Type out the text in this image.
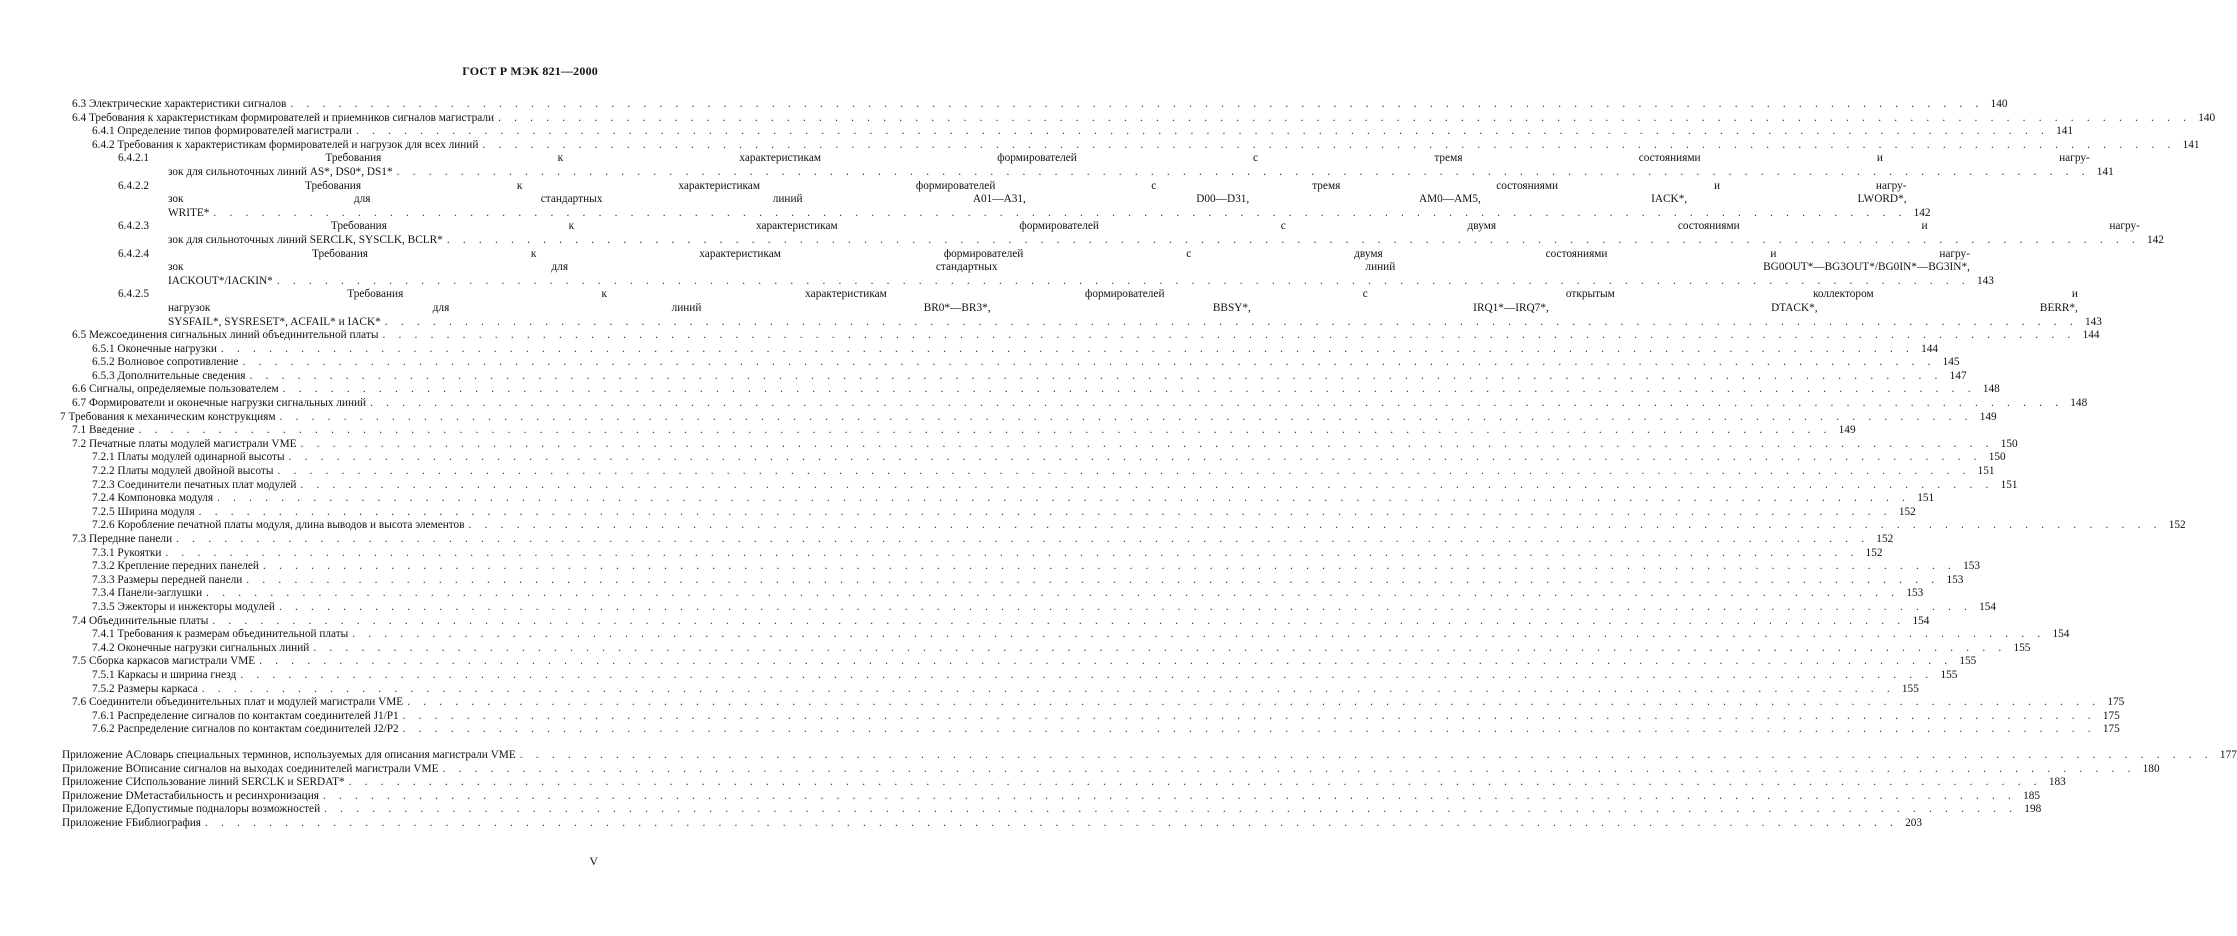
ГОСТ Р МЭК 821—2000
6.3 Электрические характеристики сигналов . . . . . . . . . . . . . . . . . . . . . . . . . . . . . . . . . . . . . . . . . . . . . . . . . . . . . . . . . . . . . . . . . . . . . . . . . . . . . . . . . . . . . . . . . . . . . . . . . . . . . . . . . . 140
6.4 Требования к характеристикам формирователей и приемников сигналов магистрали . . . . . . . . . . . . . . . . . . . . . . . . . . . . . . . . . . . . . . . . . . . . . . . . . . . . . . . . . . . . . . . . . . . . . . . . . . . . . . . . . . . . . . . . . . . . . . . . . . . . . . . . . . 140
6.4.1 Определение типов формирователей магистрали . . . . . . . . . . . . . . . . . . . . . . . . . . . . . . . . . . . . . . . . . . . . . . . . . . . . . . . . . . . . . . . . . . . . . . . . . . . . . . . . . . . . . . . . . . . . . . . . . . . . . . . . . . 141
6.4.2 Требования к характеристикам формирователей и нагрузок для всех линий . . . . . . . . . . . . . . . . . . . . . . . . . . . . . . . . . . . . . . . . . . . . . . . . . . . . . . . . . . . . . . . . . . . . . . . . . . . . . . . . . . . . . . . . . . . . . . . . . . . . . . . . . . 141
6.4.2.1	Требования к характеристикам формирователей с тремя состояниями и нагру-
зок для сильноточных линий AS*, DS0*, DS1* . . . . . . . . . . . . . . . . . . . . . . . . . . . . . . . . . . . . . . . . . . . . . . . . . . . . . . . . . . . . . . . . . . . . . . . . . . . . . . . . . . . . . . . . . . . . . . . . . . . . . . . . . . 141
6.4.2.2	Требования к характеристикам формирователей с тремя состояниями и нагру-
зок для стандартных линий A01—A31, D00—D31, AM0—AM5, IACK*, LWORD*,
WRITE* . . . . . . . . . . . . . . . . . . . . . . . . . . . . . . . . . . . . . . . . . . . . . . . . . . . . . . . . . . . . . . . . . . . . . . . . . . . . . . . . . . . . . . . . . . . . . . . . . . . . . . . . . . 142
6.4.2.3	Требования к характеристикам формирователей с двумя состояниями и нагру-
зок для сильноточных линий SERCLK, SYSCLK, BCLR* . . . . . . . . . . . . . . . . . . . . . . . . . . . . . . . . . . . . . . . . . . . . . . . . . . . . . . . . . . . . . . . . . . . . . . . . . . . . . . . . . . . . . . . . . . . . . . . . . . . . . . . . . . 142
6.4.2.4	Требования к характеристикам формирователей с двумя состояниями и нагру-
зок для стандартных линий BG0OUT*—BG3OUT*/BG0IN*—BG3IN*,
IACKOUT*/IACKIN* . . . . . . . . . . . . . . . . . . . . . . . . . . . . . . . . . . . . . . . . . . . . . . . . . . . . . . . . . . . . . . . . . . . . . . . . . . . . . . . . . . . . . . . . . . . . . . . . . . . . . . . . . . 143
6.4.2.5	Требования к характеристикам формирователей с открытым коллектором и
нагрузок для линий BR0*—BR3*, BBSY*, IRQ1*—IRQ7*, DTACK*, BERR*,
SYSFAIL*, SYSRESET*, ACFAIL* и IACK* . . . . . . . . . . . . . . . . . . . . . . . . . . . . . . . . . . . . . . . . . . . . . . . . . . . . . . . . . . . . . . . . . . . . . . . . . . . . . . . . . . . . . . . . . . . . . . . . . . . . . . . . . . 143
6.5 Межсоединения сигнальных линий объединительной платы . . . . . . . . . . . . . . . . . . . . . . . . . . . . . . . . . . . . . . . . . . . . . . . . . . . . . . . . . . . . . . . . . . . . . . . . . . . . . . . . . . . . . . . . . . . . . . . . . . . . . . . . . . 144
6.5.1 Оконечные нагрузки . . . . . . . . . . . . . . . . . . . . . . . . . . . . . . . . . . . . . . . . . . . . . . . . . . . . . . . . . . . . . . . . . . . . . . . . . . . . . . . . . . . . . . . . . . . . . . . . . . . . . . . . . . 144
6.5.2 Волновое сопротивление . . . . . . . . . . . . . . . . . . . . . . . . . . . . . . . . . . . . . . . . . . . . . . . . . . . . . . . . . . . . . . . . . . . . . . . . . . . . . . . . . . . . . . . . . . . . . . . . . . . . . . . . . . 145
6.5.3 Дополнительные сведения . . . . . . . . . . . . . . . . . . . . . . . . . . . . . . . . . . . . . . . . . . . . . . . . . . . . . . . . . . . . . . . . . . . . . . . . . . . . . . . . . . . . . . . . . . . . . . . . . . . . . . . . . . 147
6.6 Сигналы, определяемые пользователем . . . . . . . . . . . . . . . . . . . . . . . . . . . . . . . . . . . . . . . . . . . . . . . . . . . . . . . . . . . . . . . . . . . . . . . . . . . . . . . . . . . . . . . . . . . . . . . . . . . . . . . . . . 148
6.7 Формирователи и оконечные нагрузки сигнальных линий . . . . . . . . . . . . . . . . . . . . . . . . . . . . . . . . . . . . . . . . . . . . . . . . . . . . . . . . . . . . . . . . . . . . . . . . . . . . . . . . . . . . . . . . . . . . . . . . . . . . . . . . . . 148
7 Требования к механическим конструкциям . . . . . . . . . . . . . . . . . . . . . . . . . . . . . . . . . . . . . . . . . . . . . . . . . . . . . . . . . . . . . . . . . . . . . . . . . . . . . . . . . . . . . . . . . . . . . . . . . . . . . . . . . . 149
7.1 Введение . . . . . . . . . . . . . . . . . . . . . . . . . . . . . . . . . . . . . . . . . . . . . . . . . . . . . . . . . . . . . . . . . . . . . . . . . . . . . . . . . . . . . . . . . . . . . . . . . . . . . . . . . . 149
7.2 Печатные платы модулей магистрали VME . . . . . . . . . . . . . . . . . . . . . . . . . . . . . . . . . . . . . . . . . . . . . . . . . . . . . . . . . . . . . . . . . . . . . . . . . . . . . . . . . . . . . . . . . . . . . . . . . . . . . . . . . . 150
7.2.1 Платы модулей одинарной высоты . . . . . . . . . . . . . . . . . . . . . . . . . . . . . . . . . . . . . . . . . . . . . . . . . . . . . . . . . . . . . . . . . . . . . . . . . . . . . . . . . . . . . . . . . . . . . . . . . . . . . . . . . . 150
7.2.2 Платы модулей двойной высоты . . . . . . . . . . . . . . . . . . . . . . . . . . . . . . . . . . . . . . . . . . . . . . . . . . . . . . . . . . . . . . . . . . . . . . . . . . . . . . . . . . . . . . . . . . . . . . . . . . . . . . . . . . 151
7.2.3 Соединители печатных плат модулей . . . . . . . . . . . . . . . . . . . . . . . . . . . . . . . . . . . . . . . . . . . . . . . . . . . . . . . . . . . . . . . . . . . . . . . . . . . . . . . . . . . . . . . . . . . . . . . . . . . . . . . . . . 151
7.2.4 Компоновка модуля . . . . . . . . . . . . . . . . . . . . . . . . . . . . . . . . . . . . . . . . . . . . . . . . . . . . . . . . . . . . . . . . . . . . . . . . . . . . . . . . . . . . . . . . . . . . . . . . . . . . . . . . . . 151
7.2.5 Ширина модуля . . . . . . . . . . . . . . . . . . . . . . . . . . . . . . . . . . . . . . . . . . . . . . . . . . . . . . . . . . . . . . . . . . . . . . . . . . . . . . . . . . . . . . . . . . . . . . . . . . . . . . . . . . 152
7.2.6 Коробление печатной платы модуля, длина выводов и высота элементов . . . . . . . . . . . . . . . . . . . . . . . . . . . . . . . . . . . . . . . . . . . . . . . . . . . . . . . . . . . . . . . . . . . . . . . . . . . . . . . . . . . . . . . . . . . . . . . . . . . . . . . . . . 152
7.3 Передние панели . . . . . . . . . . . . . . . . . . . . . . . . . . . . . . . . . . . . . . . . . . . . . . . . . . . . . . . . . . . . . . . . . . . . . . . . . . . . . . . . . . . . . . . . . . . . . . . . . . . . . . . . . . 152
7.3.1 Рукоятки . . . . . . . . . . . . . . . . . . . . . . . . . . . . . . . . . . . . . . . . . . . . . . . . . . . . . . . . . . . . . . . . . . . . . . . . . . . . . . . . . . . . . . . . . . . . . . . . . . . . . . . . . . 152
7.3.2 Крепление передних панелей . . . . . . . . . . . . . . . . . . . . . . . . . . . . . . . . . . . . . . . . . . . . . . . . . . . . . . . . . . . . . . . . . . . . . . . . . . . . . . . . . . . . . . . . . . . . . . . . . . . . . . . . . . 153
7.3.3 Размеры передней панели . . . . . . . . . . . . . . . . . . . . . . . . . . . . . . . . . . . . . . . . . . . . . . . . . . . . . . . . . . . . . . . . . . . . . . . . . . . . . . . . . . . . . . . . . . . . . . . . . . . . . . . . . . 153
7.3.4 Панели-заглушки . . . . . . . . . . . . . . . . . . . . . . . . . . . . . . . . . . . . . . . . . . . . . . . . . . . . . . . . . . . . . . . . . . . . . . . . . . . . . . . . . . . . . . . . . . . . . . . . . . . . . . . . . . 153
7.3.5 Эжекторы и инжекторы модулей . . . . . . . . . . . . . . . . . . . . . . . . . . . . . . . . . . . . . . . . . . . . . . . . . . . . . . . . . . . . . . . . . . . . . . . . . . . . . . . . . . . . . . . . . . . . . . . . . . . . . . . . . . 154
7.4 Объединительные платы . . . . . . . . . . . . . . . . . . . . . . . . . . . . . . . . . . . . . . . . . . . . . . . . . . . . . . . . . . . . . . . . . . . . . . . . . . . . . . . . . . . . . . . . . . . . . . . . . . . . . . . . . . 154
7.4.1 Требования к размерам объединительной платы . . . . . . . . . . . . . . . . . . . . . . . . . . . . . . . . . . . . . . . . . . . . . . . . . . . . . . . . . . . . . . . . . . . . . . . . . . . . . . . . . . . . . . . . . . . . . . . . . . . . . . . . . . 154
7.4.2 Оконечные нагрузки сигнальных линий . . . . . . . . . . . . . . . . . . . . . . . . . . . . . . . . . . . . . . . . . . . . . . . . . . . . . . . . . . . . . . . . . . . . . . . . . . . . . . . . . . . . . . . . . . . . . . . . . . . . . . . . . . 155
7.5 Сборка каркасов магистрали VME . . . . . . . . . . . . . . . . . . . . . . . . . . . . . . . . . . . . . . . . . . . . . . . . . . . . . . . . . . . . . . . . . . . . . . . . . . . . . . . . . . . . . . . . . . . . . . . . . . . . . . . . . . 155
7.5.1 Каркасы и ширина гнезд . . . . . . . . . . . . . . . . . . . . . . . . . . . . . . . . . . . . . . . . . . . . . . . . . . . . . . . . . . . . . . . . . . . . . . . . . . . . . . . . . . . . . . . . . . . . . . . . . . . . . . . . . . 155
7.5.2 Размеры каркаса . . . . . . . . . . . . . . . . . . . . . . . . . . . . . . . . . . . . . . . . . . . . . . . . . . . . . . . . . . . . . . . . . . . . . . . . . . . . . . . . . . . . . . . . . . . . . . . . . . . . . . . . . . 155
7.6 Соединители объединительных плат и модулей магистрали VME . . . . . . . . . . . . . . . . . . . . . . . . . . . . . . . . . . . . . . . . . . . . . . . . . . . . . . . . . . . . . . . . . . . . . . . . . . . . . . . . . . . . . . . . . . . . . . . . . . . . . . . . . . 175
7.6.1 Распределение сигналов по контактам соединителей J1/P1 . . . . . . . . . . . . . . . . . . . . . . . . . . . . . . . . . . . . . . . . . . . . . . . . . . . . . . . . . . . . . . . . . . . . . . . . . . . . . . . . . . . . . . . . . . . . . . . . . . . . . . . . . . 175
7.6.2 Распределение сигналов по контактам соединителей J2/P2 . . . . . . . . . . . . . . . . . . . . . . . . . . . . . . . . . . . . . . . . . . . . . . . . . . . . . . . . . . . . . . . . . . . . . . . . . . . . . . . . . . . . . . . . . . . . . . . . . . . . . . . . . . 175
Приложение A Словарь специальных терминов, используемых для описания магистрали VME . . . . . . . . . . . . . . . . . . . . . . . . . . . . . . . . . . . . . . . . . . . . . . . . . . . . . . . . . . . . . . . . . . . . . . . . . . . . . . . . . . . . . . . . . . . . . . . . . . . . . . . . . . 177
Приложение B Описание сигналов на выходах соединителей магистрали VME . . . . . . . . . . . . . . . . . . . . . . . . . . . . . . . . . . . . . . . . . . . . . . . . . . . . . . . . . . . . . . . . . . . . . . . . . . . . . . . . . . . . . . . . . . . . . . . . . . . . . . . . . . 180
Приложение C Использование линий SERCLK и SERDAT* . . . . . . . . . . . . . . . . . . . . . . . . . . . . . . . . . . . . . . . . . . . . . . . . . . . . . . . . . . . . . . . . . . . . . . . . . . . . . . . . . . . . . . . . . . . . . . . . . . . . . . . . . . 183
Приложение D Метастабильность и ресинхронизация . . . . . . . . . . . . . . . . . . . . . . . . . . . . . . . . . . . . . . . . . . . . . . . . . . . . . . . . . . . . . . . . . . . . . . . . . . . . . . . . . . . . . . . . . . . . . . . . . . . . . . . . . . 185
Приложение E Допустимые подналоры возможностей . . . . . . . . . . . . . . . . . . . . . . . . . . . . . . . . . . . . . . . . . . . . . . . . . . . . . . . . . . . . . . . . . . . . . . . . . . . . . . . . . . . . . . . . . . . . . . . . . . . . . . . . . . 198
Приложение F Библиография . . . . . . . . . . . . . . . . . . . . . . . . . . . . . . . . . . . . . . . . . . . . . . . . . . . . . . . . . . . . . . . . . . . . . . . . . . . . . . . . . . . . . . . . . . . . . . . . . . . . . . . . . . 203
V
